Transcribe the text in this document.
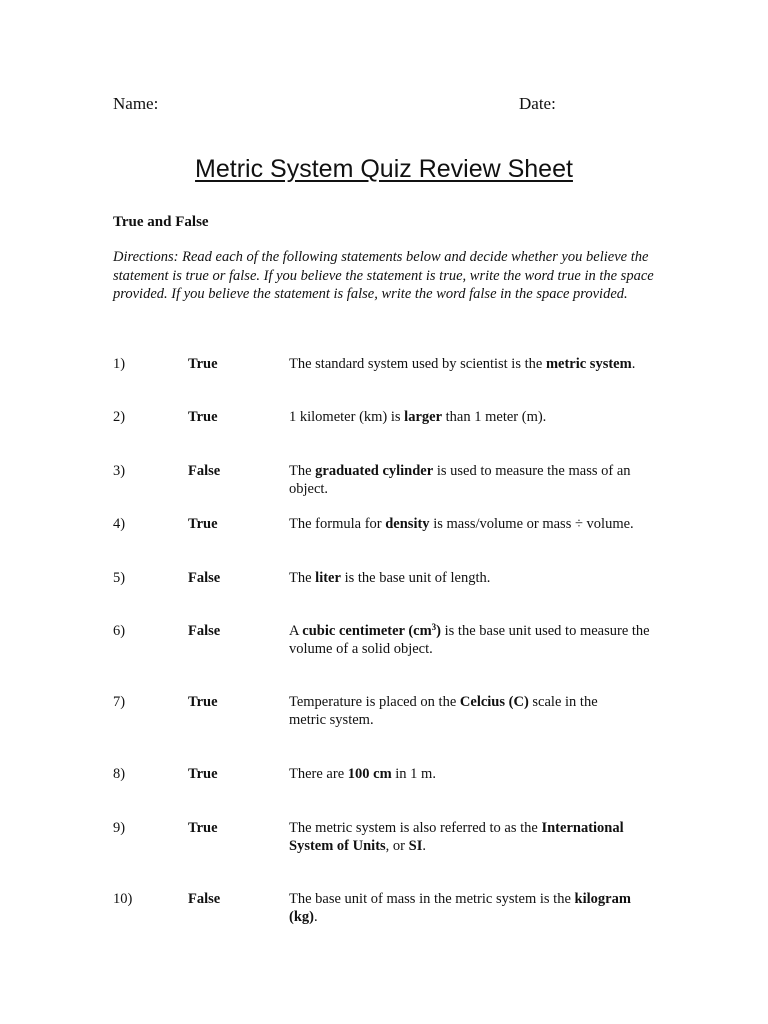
Name:	Date:
Metric System Quiz Review Sheet
True and False
Directions: Read each of the following statements below and decide whether you believe the statement is true or false. If you believe the statement is true, write the word true in the space provided. If you believe the statement is false, write the word false in the space provided.
1)	True	The standard system used by scientist is the metric system.
2)	True	1 kilometer (km) is larger than 1 meter (m).
3)	False	The graduated cylinder is used to measure the mass of an object.
4)	True	The formula for density is mass/volume or mass ÷ volume.
5)	False	The liter is the base unit of length.
6)	False	A cubic centimeter $(cm^3)$ is the base unit used to measure the volume of a solid object.
7)	True	Temperature is placed on the Celcius (C) scale in the metric system.
8)	True	There are 100 cm in 1 m.
9)	True	The metric system is also referred to as the International System of Units, or SI.
10)	False	The base unit of mass in the metric system is the kilogram (kg).
